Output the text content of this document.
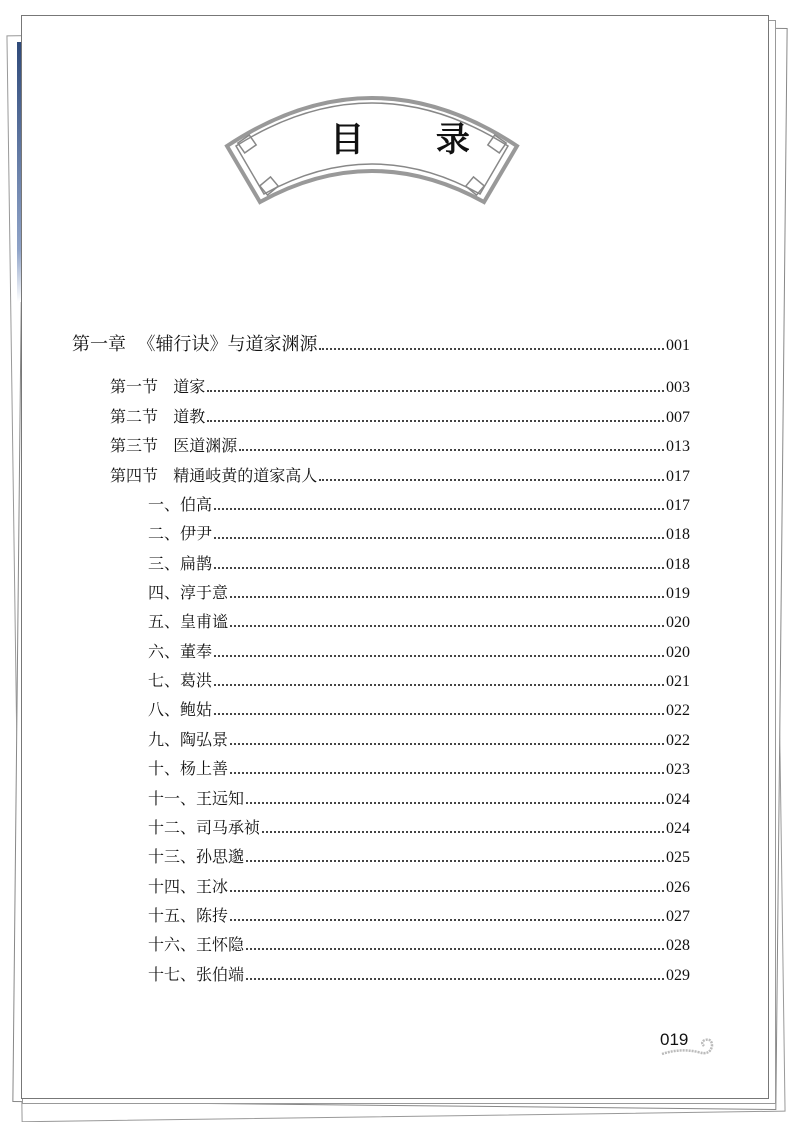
目 录
第一章  《辅行诀》与道家渊源	001
第一节   道家	003
第二节   道教	007
第三节   医道渊源	013
第四节   精通岐黄的道家高人	017
一、伯高	017
二、伊尹	018
三、扁鹊	018
四、淳于意	019
五、皇甫谧	020
六、董奉	020
七、葛洪	021
八、鲍姑	022
九、陶弘景	022
十、杨上善	023
十一、王远知	024
十二、司马承祯	024
十三、孙思邈	025
十四、王冰	026
十五、陈抟	027
十六、王怀隐	028
十七、张伯端	029
019
